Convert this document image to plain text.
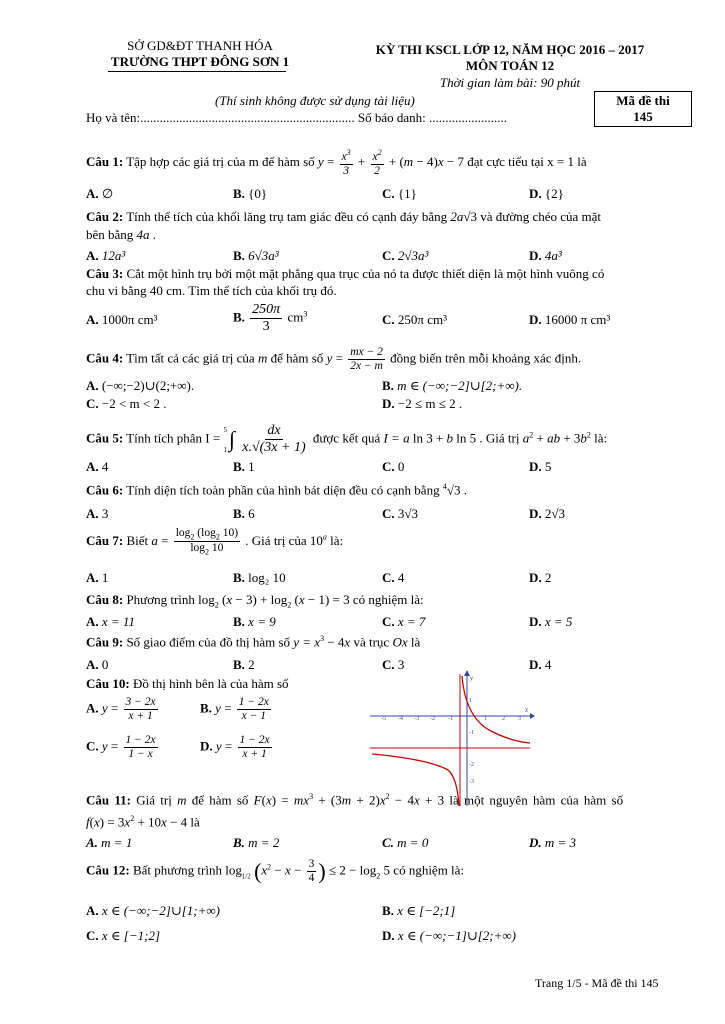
SỞ GD&ĐT THANH HÓA
TRƯỜNG THPT ĐÔNG SƠN 1
KỲ THI KSCL LỚP 12, NĂM HỌC 2016 – 2017
MÔN TOÁN 12
Thời gian làm bài: 90 phút
(Thí sinh không được sử dụng tài liệu)
Họ và tên:.................................................................. Số báo danh: ........................
Mã đề thi
145
Câu 1: Tập hợp các giá trị của m để hàm số $y = \frac{x^3}{3} + \frac{x^2}{2} + (m - 4)x - 7$ đạt cực tiểu tại x = 1 là
A. ∅	B. {0}	C. {1}	D. {2}
Câu 2: Tính thể tích của khối lăng trụ tam giác đều có cạnh đáy bằng 2a√3 và đường chéo của mặt
bên bằng 4a .
A. 12a³	B. 6√3a³	C. 2√3a³	D. 4a³
Câu 3: Cắt một hình trụ bởi một mặt phẳng qua trục của nó ta được thiết diện là một hình vuông có
chu vi bằng 40 cm. Tìm thể tích của khối trụ đó.
A. 1000π cm³	B. $\frac{250\pi}{3} cm^3$	C. 250π cm³	D. 16000 π cm³
Câu 4: Tìm tất cả các giá trị của m để hàm số $y = \frac{mx - 2}{2x - m}$ đồng biến trên mỗi khoảng xác định.
A. (−∞;−2)∪(2;+∞).	B. m ∈ (−∞;−2]∪[2;+∞).
C. −2 < m < 2 .	D. −2 ≤ m ≤ 2 .
Câu 5: Tính tích phân I =
5
1 ∫ $\frac{dx}{x.√(3x + 1)}$ được kết quả I = a ln 3 + b ln 5 . Giá trị $a^2$ + ab + $3b^2$ là:
A. 4	B. 1	C. 0	D. 5
Câu 6: Tính diện tích toàn phần của hình bát diện đều có cạnh bằng $^4$√3 .
A. 3	B. 6	C. 3√3	D. 2√3
Câu 7: Biết $a = \frac{\log_2 (\log_2 10)}{\log_2 10}$ . Giá trị của 10$^a$ là:
A. 1	B. log₂ 10	C. 4	D. 2
Câu 8: Phương trình $\log_2 (x - 3) + \log_2 (x - 1) = 3$ có nghiệm là:
A. x = 11	B. x = 9	C. x = 7	D. x = 5
Câu 9: Số giao điểm của đồ thị hàm số $y = x^3 - 4x$ và trục Ox là
A. 0	B. 2	C. 3	D. 4
Câu 10: Đồ thị hình bên là của hàm số
A. $y = \frac{3 - 2x}{x + 1}$	B. $y = \frac{1 - 2x}{x - 1}$
C. $y = \frac{1 - 2x}{1 - x}$	D. $y = \frac{1 - 2x}{x + 1}$
-5 -4 -3 -2 -1	1	2 3
x
y
1
-1
-2
-3
Câu 11: Giá trị m để hàm số $F(x) = mx^3 + (3m + 2)x^2 - 4x + 3$ là một nguyên hàm của hàm số
$f(x) = 3x^2 + 10x - 4$ là
A. m = 1	B. m = 2	C. m = 0	D. m = 3
Câu 12: Bất phương trình $\log_{1/2} (x^2 - x - \frac{3}{4}$ ) ≤ $2 - \log_2 5$ có nghiệm là:
A. x ∈ (−∞;−2]∪[1;+∞)	B. x ∈ [−2;1]
C. x ∈ [−1;2]	D. x ∈ (−∞;−1]∪[2;+∞)
Trang 1/5 - Mã đề thi 145
